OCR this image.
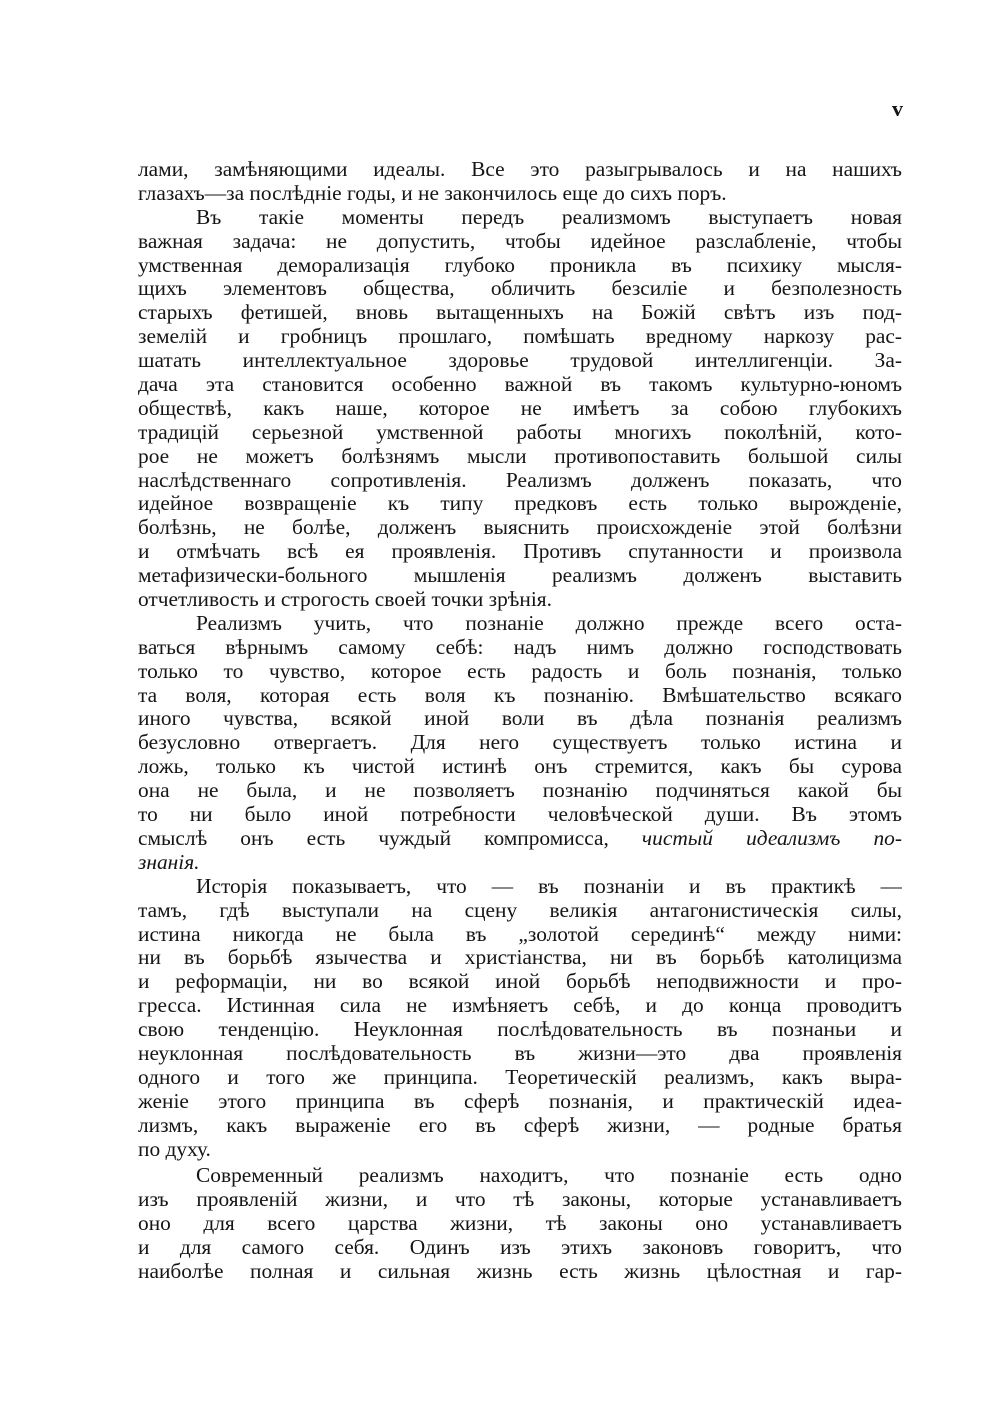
v
лами, замѣняющими идеалы. Все это разыгрывалось и на нашихъ
глазахъ—за послѣдніе годы, и не закончилось еще до сихъ поръ.
Въ такіе моменты передъ реализмомъ выступаетъ новая
важная задача: не допустить, чтобы идейное разслабленіе, чтобы
умственная деморализація глубоко проникла въ психику мысля-
щихъ элементовъ общества, обличить безсиліе и безполезность
старыхъ фетишей, вновь вытащенныхъ на Божій свѣтъ изъ под-
земелій и гробницъ прошлаго, помѣшать вредному наркозу рас-
шатать интеллектуальное здоровье трудовой интеллигенціи. За-
дача эта становится особенно важной въ такомъ культурно-юномъ
обществѣ, какъ наше, которое не имѣетъ за собою глубокихъ
традицій серьезной умственной работы многихъ поколѣній, кото-
рое не можетъ болѣзнямъ мысли противопоставить большой силы
наслѣдственнаго сопротивленія. Реализмъ долженъ показать, что
идейное возвращеніе къ типу предковъ есть только вырожденіе,
болѣзнь, не болѣе, долженъ выяснить происхожденіе этой болѣзни
и отмѣчать всѣ ея проявленія. Противъ спутанности и произвола
метафизически-больного мышленія реализмъ долженъ выставить
отчетливость и строгость своей точки зрѣнія.
Реализмъ учить, что познаніе должно прежде всего оста-
ваться вѣрнымъ самому себѣ: надъ нимъ должно господствовать
только то чувство, которое есть радость и боль познанія, только
та воля, которая есть воля къ познанію. Вмѣшательство всякаго
иного чувства, всякой иной воли въ дѣла познанія реализмъ
безусловно отвергаетъ. Для него существуетъ только истина и
ложь, только къ чистой истинѣ онъ стремится, какъ бы сурова
она не была, и не позволяетъ познанію подчиняться какой бы
то ни было иной потребности человѣческой души. Въ этомъ
смыслѣ онъ есть чуждый компромисса, чистый идеализмъ по-
знанія.
Исторія показываетъ, что — въ познаніи и въ практикѣ —
тамъ, гдѣ выступали на сцену великія антагонистическія силы,
истина никогда не была въ „золотой серединѣ“ между ними:
ни въ борьбѣ язычества и христіанства, ни въ борьбѣ католицизма
и реформаціи, ни во всякой иной борьбѣ неподвижности и про-
гресса. Истинная сила не измѣняетъ себѣ, и до конца проводитъ
свою тенденцію. Неуклонная послѣдовательность въ познаньи и
неуклонная послѣдовательность въ жизни—это два проявленія
одного и того же принципа. Теоретическій реализмъ, какъ выра-
женіе этого принципа въ сферѣ познанія, и практическій идеа-
лизмъ, какъ выраженіе его въ сферѣ жизни, — родные братья
по духу.
Современный реализмъ находитъ, что познаніе есть одно
изъ проявленій жизни, и что тѣ законы, которые устанавливаетъ
оно для всего царства жизни, тѣ законы оно устанавливаетъ
и для самого себя. Одинъ изъ этихъ законовъ говоритъ, что
наиболѣе полная и сильная жизнь есть жизнь цѣлостная и гар-
